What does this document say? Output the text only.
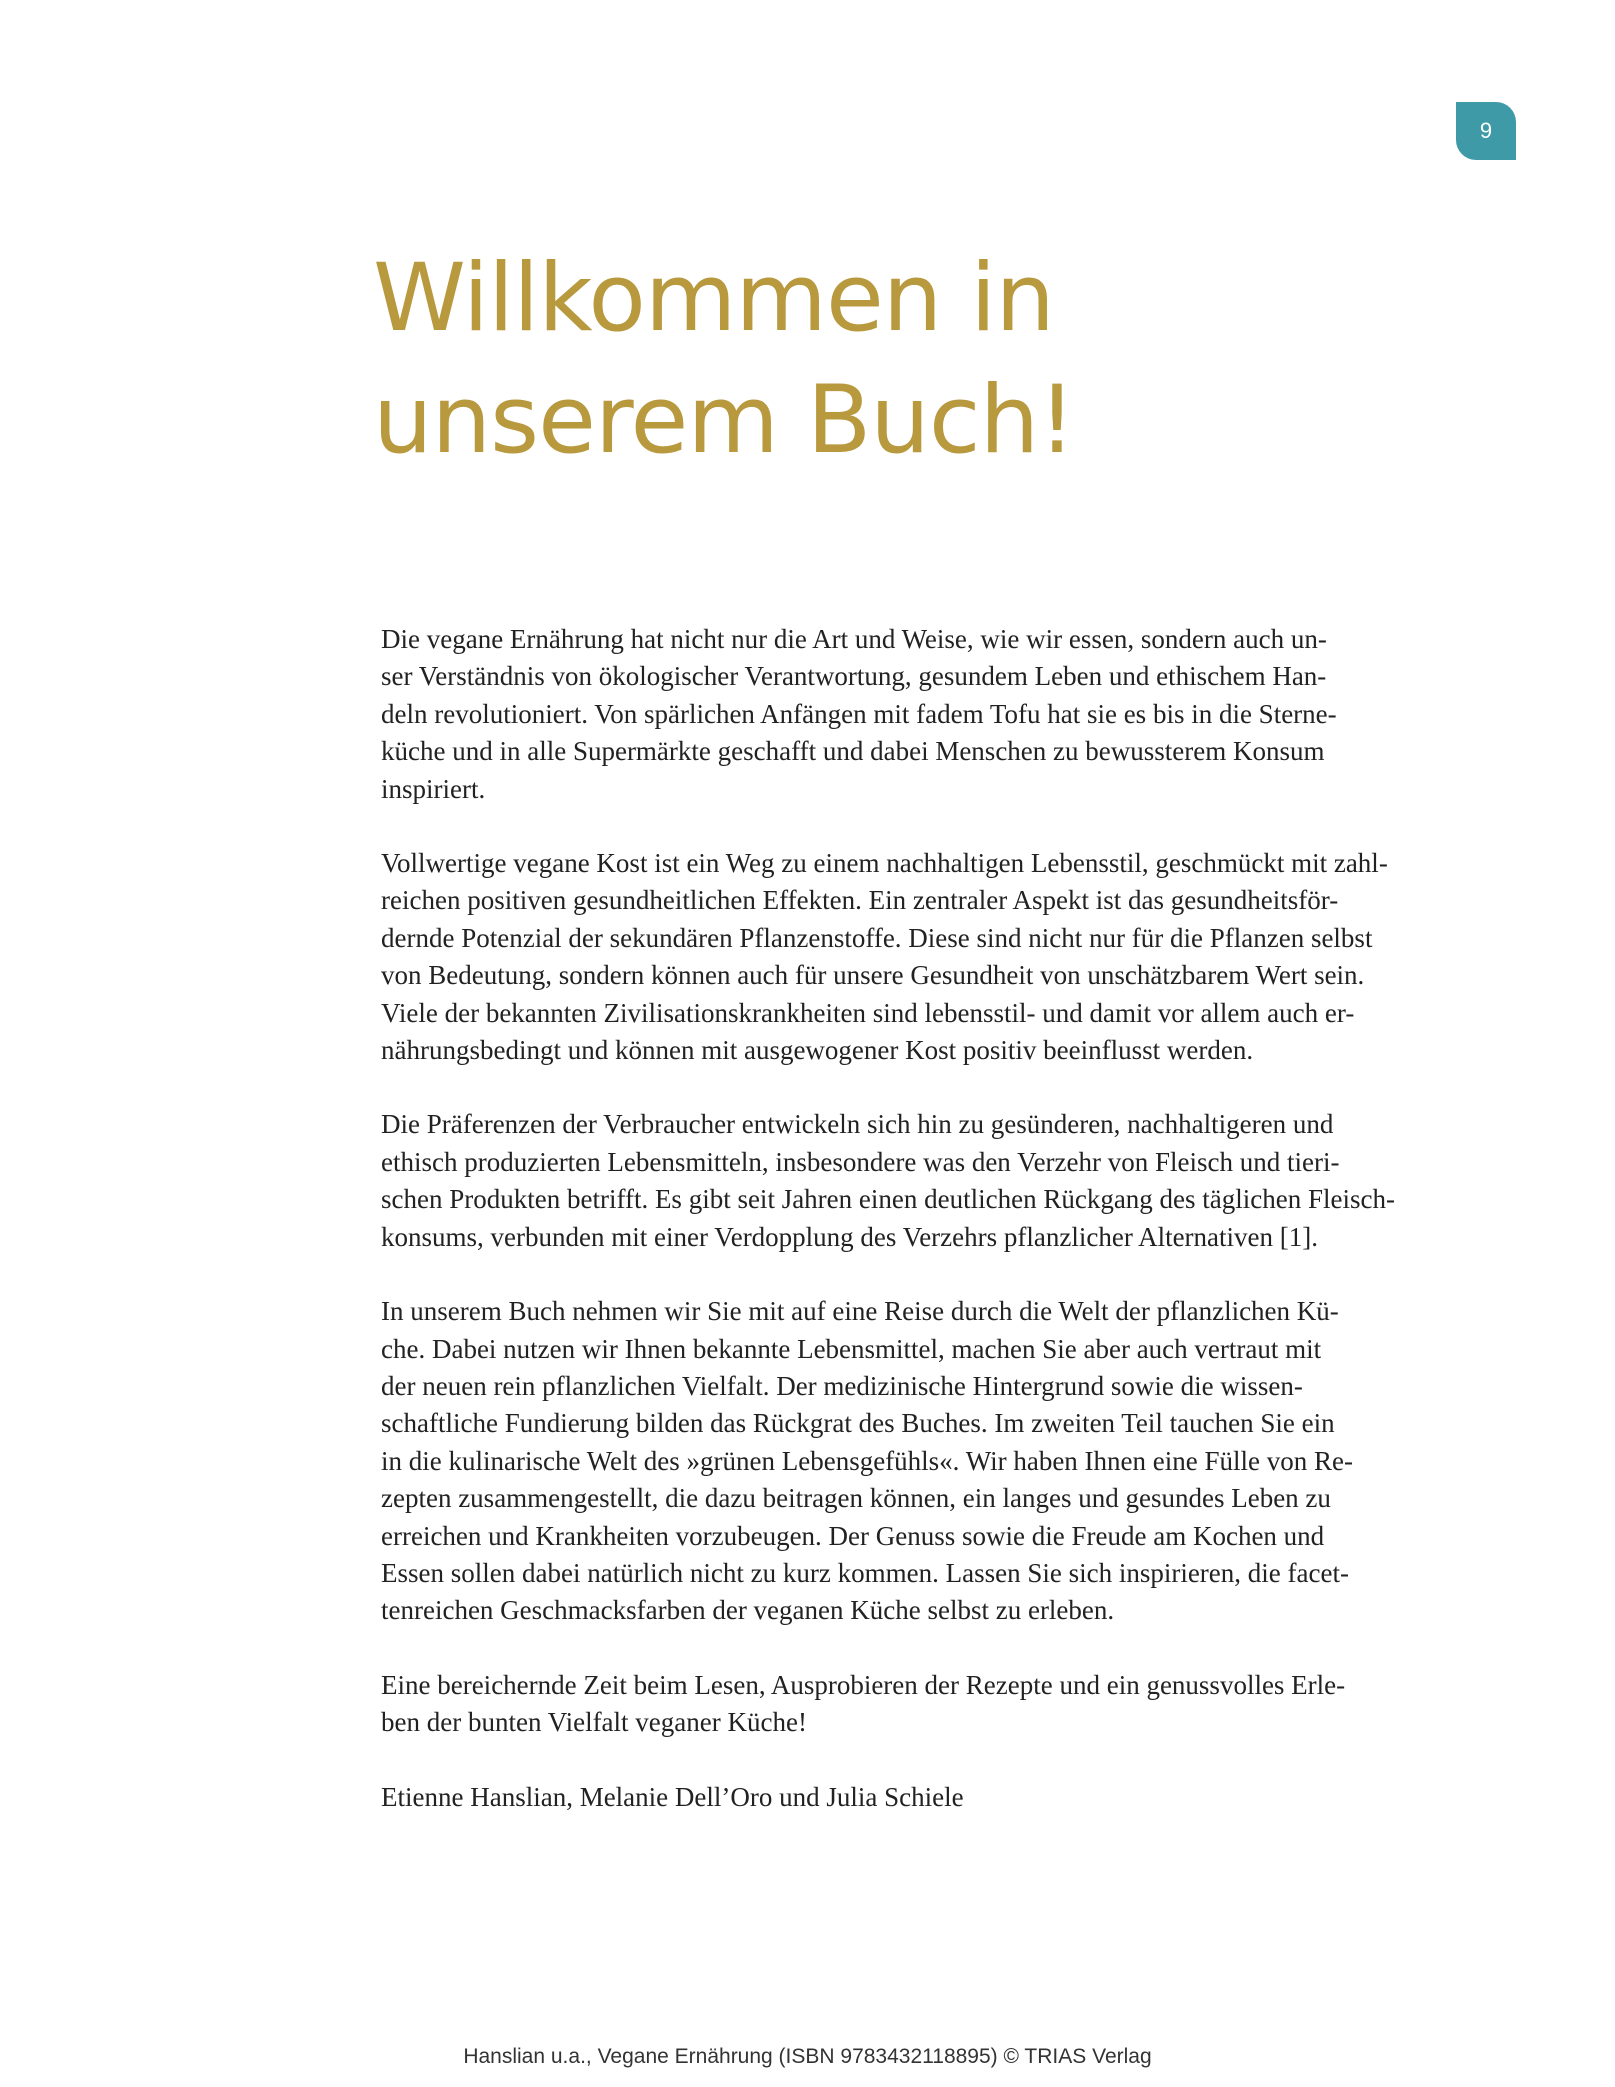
9
Willkommen in
unserem Buch!

Die vegane Ernährung hat nicht nur die Art und Weise, wie wir essen, sondern auch un-
ser Verständnis von ökologischer Verantwortung, gesundem Leben und ethischem Han-
deln revolutioniert. Von spärlichen Anfängen mit fadem Tofu hat sie es bis in die Sterne-
küche und in alle Supermärkte geschafft und dabei Menschen zu bewussterem Konsum
inspiriert.

Vollwertige vegane Kost ist ein Weg zu einem nachhaltigen Lebensstil, geschmückt mit zahl-
reichen positiven gesundheitlichen Effekten. Ein zentraler Aspekt ist das gesundheitsför-
dernde Potenzial der sekundären Pflanzenstoffe. Diese sind nicht nur für die Pflanzen selbst
von Bedeutung, sondern können auch für unsere Gesundheit von unschätzbarem Wert sein.
Viele der bekannten Zivilisationskrankheiten sind lebensstil- und damit vor allem auch er-
nährungsbedingt und können mit ausgewogener Kost positiv beeinflusst werden.

Die Präferenzen der Verbraucher entwickeln sich hin zu gesünderen, nachhaltigeren und
ethisch produzierten Lebensmitteln, insbesondere was den Verzehr von Fleisch und tieri-
schen Produkten betrifft. Es gibt seit Jahren einen deutlichen Rückgang des täglichen Fleisch-
konsums, verbunden mit einer Verdopplung des Verzehrs pflanzlicher Alternativen [1].

In unserem Buch nehmen wir Sie mit auf eine Reise durch die Welt der pflanzlichen Kü-
che. Dabei nutzen wir Ihnen bekannte Lebensmittel, machen Sie aber auch vertraut mit
der neuen rein pflanzlichen Vielfalt. Der medizinische Hintergrund sowie die wissen-
schaftliche Fundierung bilden das Rückgrat des Buches. Im zweiten Teil tauchen Sie ein
in die kulinarische Welt des »grünen Lebensgefühls«. Wir haben Ihnen eine Fülle von Re-
zepten zusammengestellt, die dazu beitragen können, ein langes und gesundes Leben zu
erreichen und Krankheiten vorzubeugen. Der Genuss sowie die Freude am Kochen und
Essen sollen dabei natürlich nicht zu kurz kommen. Lassen Sie sich inspirieren, die facet-
tenreichen Geschmacksfarben der veganen Küche selbst zu erleben.

Eine bereichernde Zeit beim Lesen, Ausprobieren der Rezepte und ein genussvolles Erle-
ben der bunten Vielfalt veganer Küche!

Etienne Hanslian, Melanie Dell’Oro und Julia Schiele

Hanslian u.a., Vegane Ernährung (ISBN 9783432118895) © TRIAS Verlag
